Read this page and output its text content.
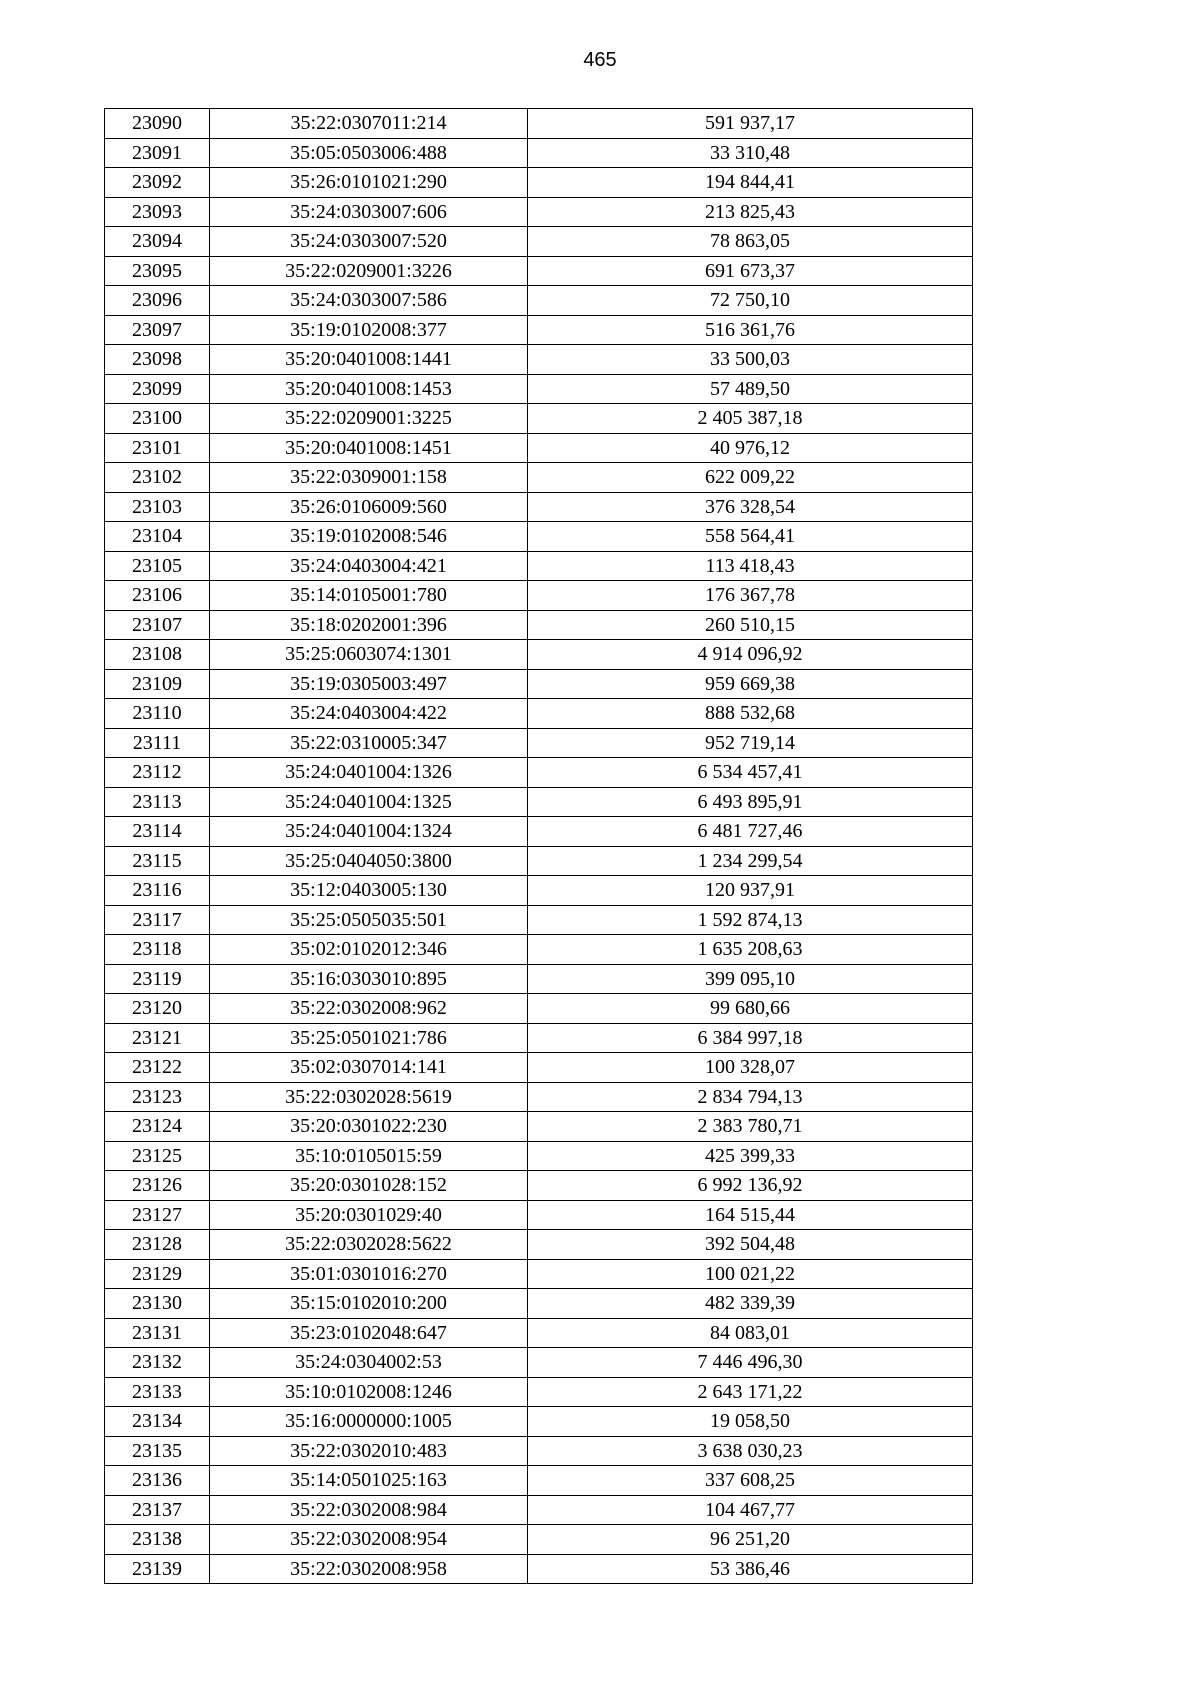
465
23090	35:22:0307011:214	591 937,17
23091	35:05:0503006:488	33 310,48
23092	35:26:0101021:290	194 844,41
23093	35:24:0303007:606	213 825,43
23094	35:24:0303007:520	78 863,05
23095	35:22:0209001:3226	691 673,37
23096	35:24:0303007:586	72 750,10
23097	35:19:0102008:377	516 361,76
23098	35:20:0401008:1441	33 500,03
23099	35:20:0401008:1453	57 489,50
23100	35:22:0209001:3225	2 405 387,18
23101	35:20:0401008:1451	40 976,12
23102	35:22:0309001:158	622 009,22
23103	35:26:0106009:560	376 328,54
23104	35:19:0102008:546	558 564,41
23105	35:24:0403004:421	113 418,43
23106	35:14:0105001:780	176 367,78
23107	35:18:0202001:396	260 510,15
23108	35:25:0603074:1301	4 914 096,92
23109	35:19:0305003:497	959 669,38
23110	35:24:0403004:422	888 532,68
23111	35:22:0310005:347	952 719,14
23112	35:24:0401004:1326	6 534 457,41
23113	35:24:0401004:1325	6 493 895,91
23114	35:24:0401004:1324	6 481 727,46
23115	35:25:0404050:3800	1 234 299,54
23116	35:12:0403005:130	120 937,91
23117	35:25:0505035:501	1 592 874,13
23118	35:02:0102012:346	1 635 208,63
23119	35:16:0303010:895	399 095,10
23120	35:22:0302008:962	99 680,66
23121	35:25:0501021:786	6 384 997,18
23122	35:02:0307014:141	100 328,07
23123	35:22:0302028:5619	2 834 794,13
23124	35:20:0301022:230	2 383 780,71
23125	35:10:0105015:59	425 399,33
23126	35:20:0301028:152	6 992 136,92
23127	35:20:0301029:40	164 515,44
23128	35:22:0302028:5622	392 504,48
23129	35:01:0301016:270	100 021,22
23130	35:15:0102010:200	482 339,39
23131	35:23:0102048:647	84 083,01
23132	35:24:0304002:53	7 446 496,30
23133	35:10:0102008:1246	2 643 171,22
23134	35:16:0000000:1005	19 058,50
23135	35:22:0302010:483	3 638 030,23
23136	35:14:0501025:163	337 608,25
23137	35:22:0302008:984	104 467,77
23138	35:22:0302008:954	96 251,20
23139	35:22:0302008:958	53 386,46
